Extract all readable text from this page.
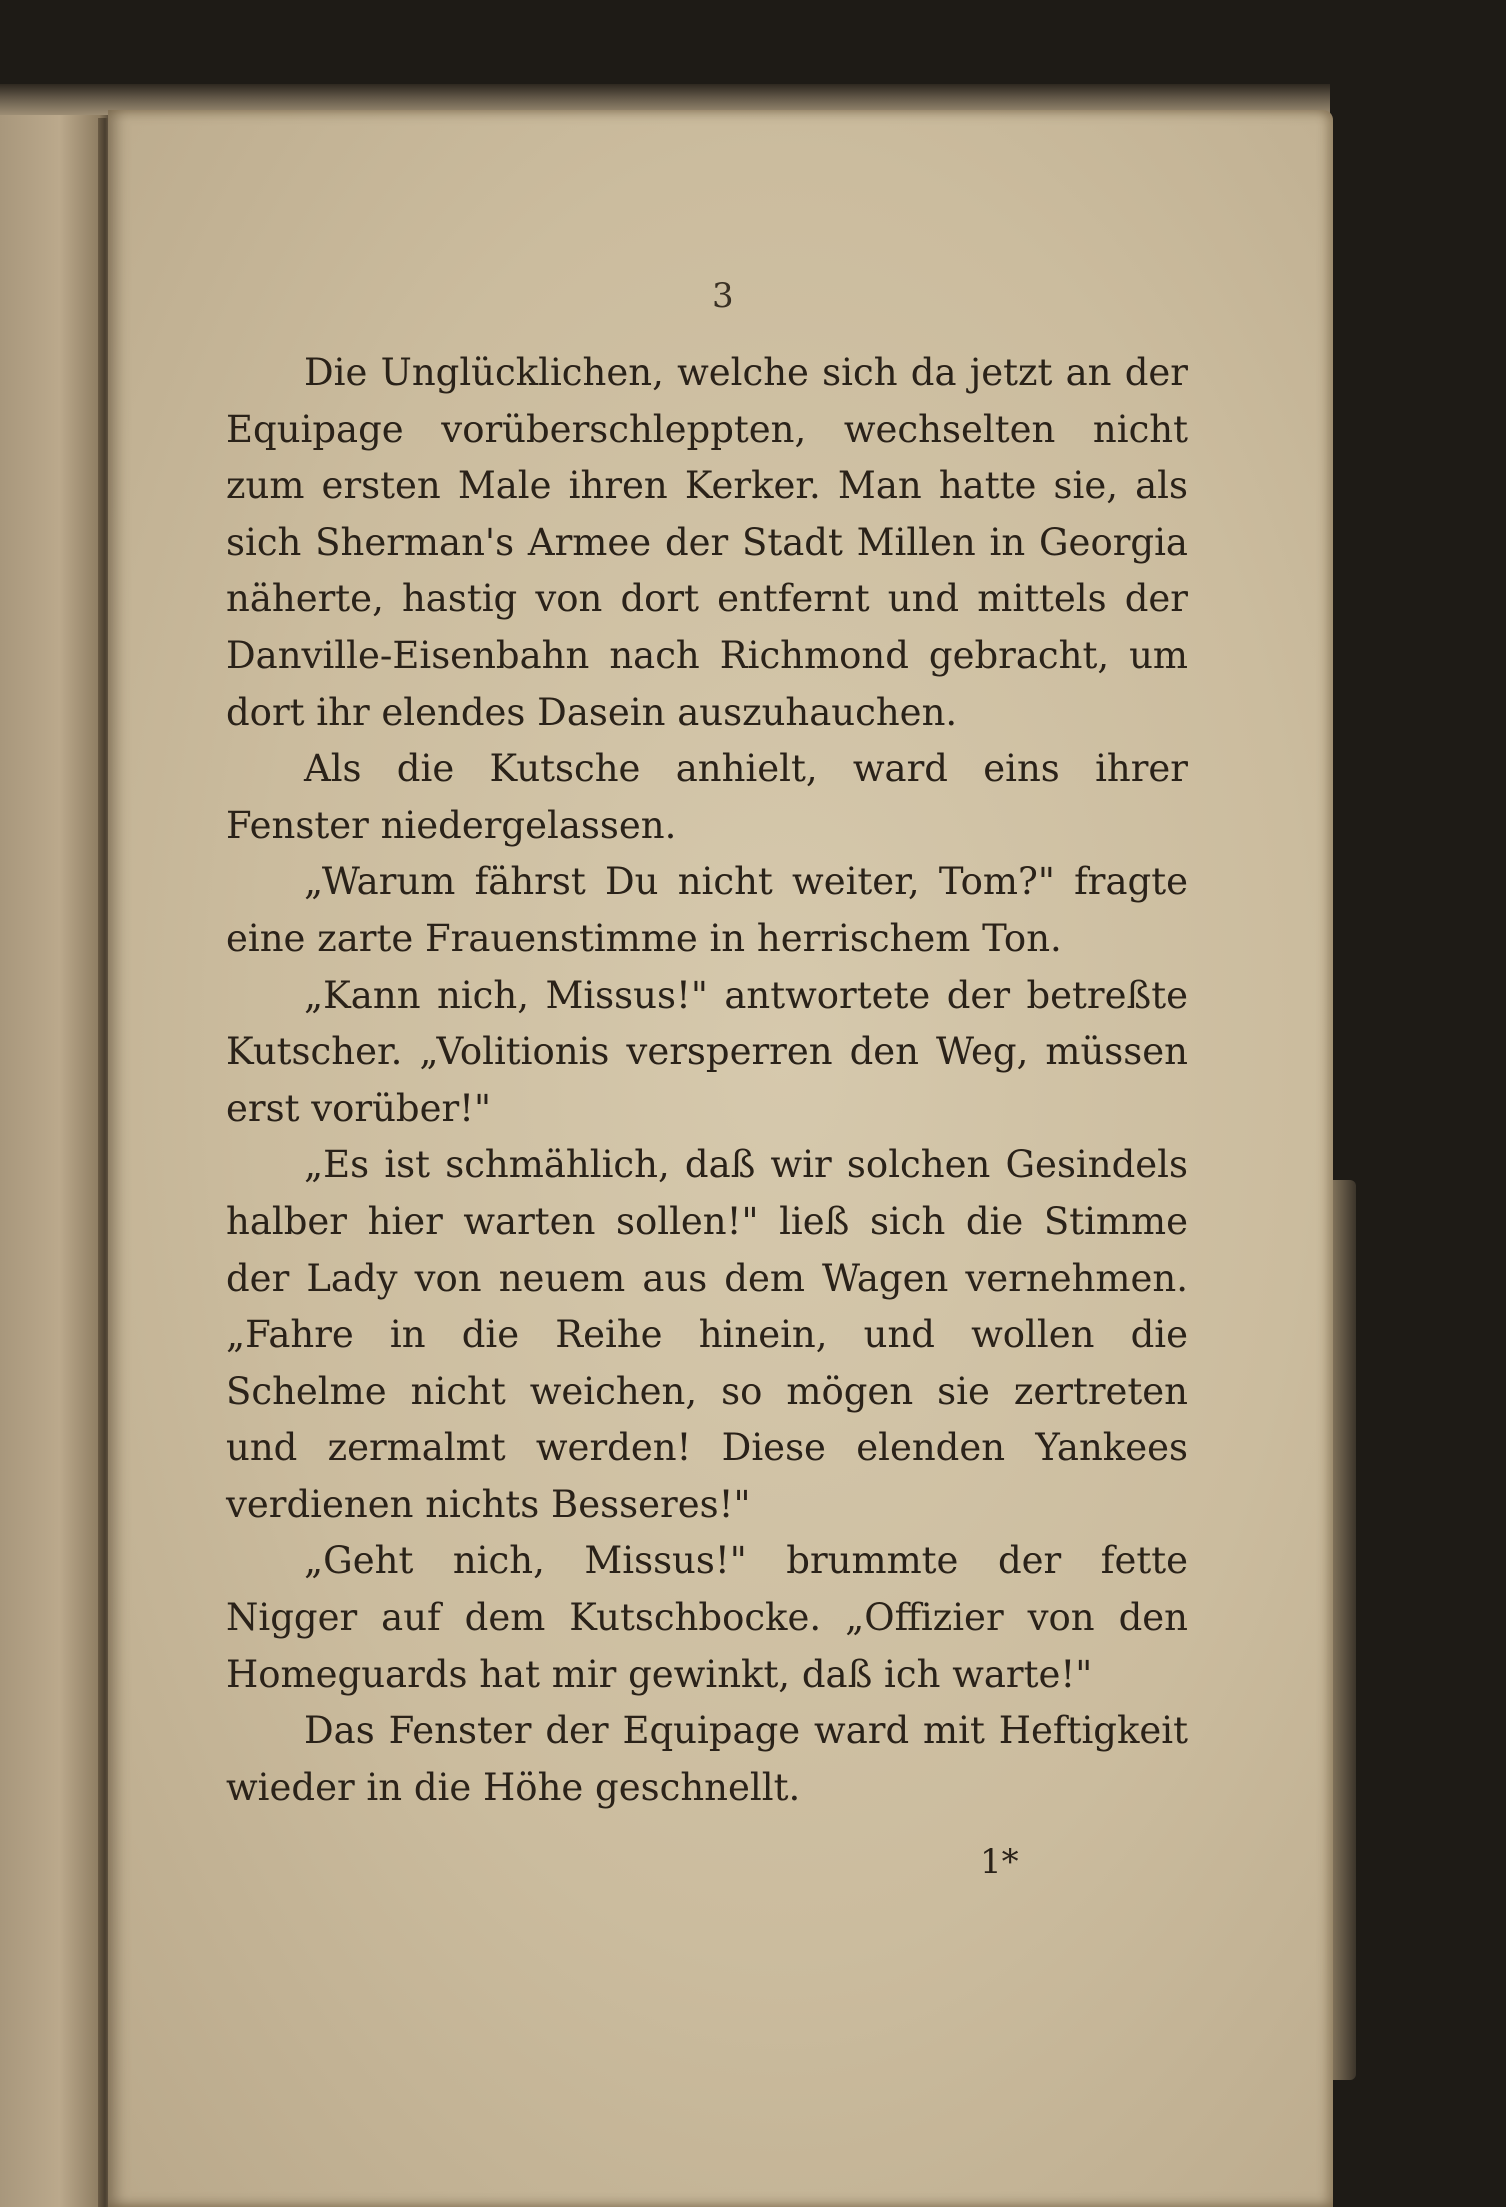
3

Die Unglücklichen, welche sich da jetzt an der Equipage vorüberschleppten, wechselten nicht zum ersten Male ihren Kerker. Man hatte sie, als sich Sherman's Armee der Stadt Millen in Georgia näherte, hastig von dort entfernt und mittels der Danville-Eisenbahn nach Richmond gebracht, um dort ihr elendes Dasein auszuhauchen.

Als die Kutsche anhielt, ward eins ihrer Fenster niedergelassen.

„Warum fährst Du nicht weiter, Tom?" fragte eine zarte Frauenstimme in herrischem Ton.

„Kann nich, Missus!" antwortete der betreßte Kutscher. „Volitionis versperren den Weg, müssen erst vorüber!"

„Es ist schmählich, daß wir solchen Gesindels halber hier warten sollen!" ließ sich die Stimme der Lady von neuem aus dem Wagen vernehmen. „Fahre in die Reihe hinein, und wollen die Schelme nicht weichen, so mögen sie zertreten und zermalmt werden! Diese elenden Yankees verdienen nichts Besseres!"

„Geht nich, Missus!" brummte der fette Nigger auf dem Kutschbocke. „Offizier von den Homeguards hat mir gewinkt, daß ich warte!"

Das Fenster der Equipage ward mit Heftigkeit wieder in die Höhe geschnellt.

1*
